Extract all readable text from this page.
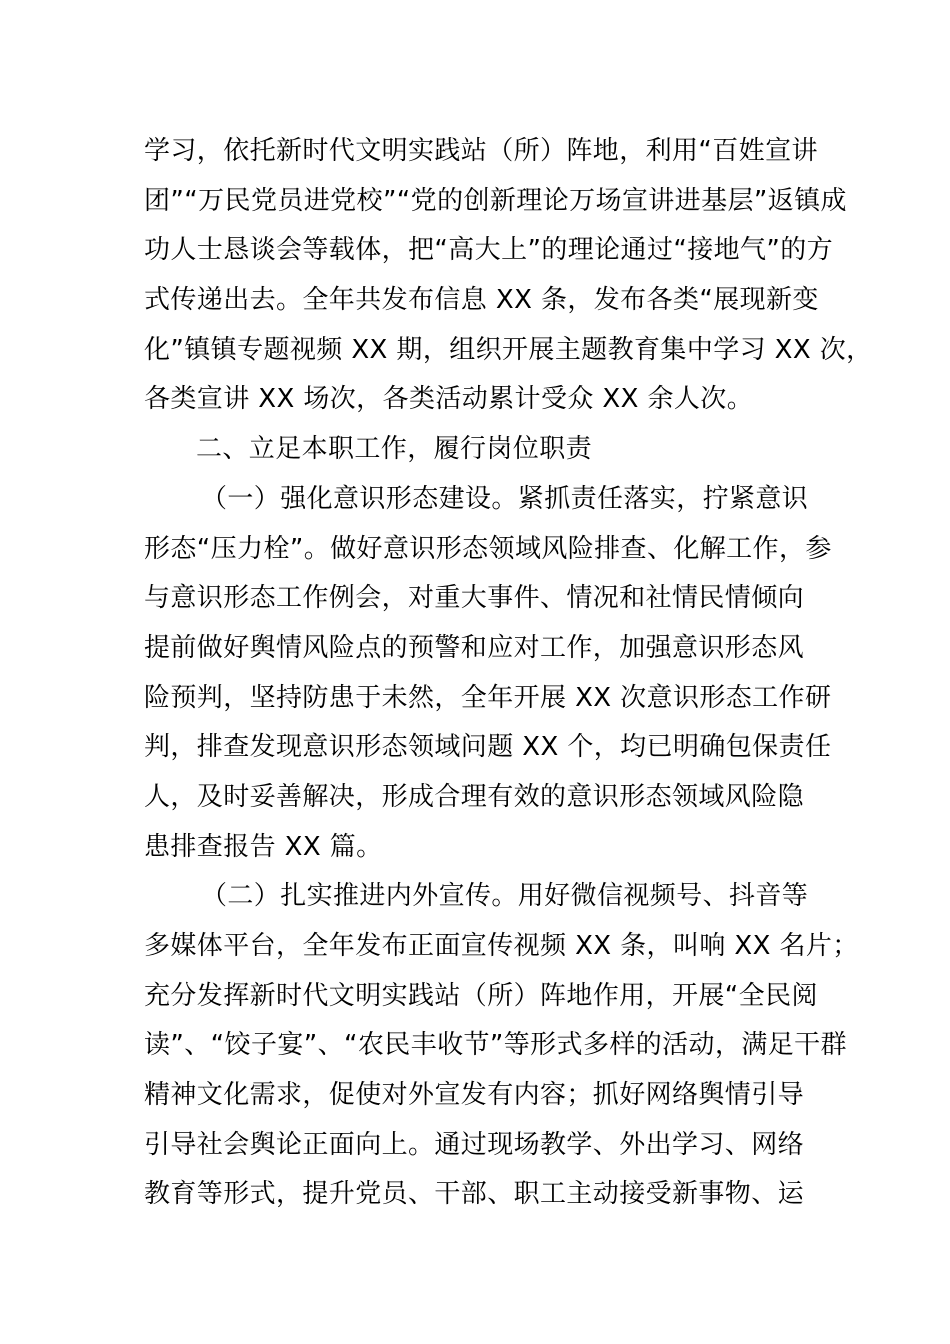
学习，依托新时代文明实践站（所）阵地，利用“百姓宣讲
团”“万民党员进党校”“党的创新理论万场宣讲进基层”返镇成
功人士恳谈会等载体，把“高大上”的理论通过“接地气”的方
式传递出去。全年共发布信息 XX 条，发布各类“展现新变
化”镇镇专题视频 XX 期，组织开展主题教育集中学习 XX 次，
各类宣讲 XX 场次，各类活动累计受众 XX 余人次。
二、立足本职工作，履行岗位职责
（一）强化意识形态建设。紧抓责任落实，拧紧意识
形态“压力栓”。做好意识形态领域风险排查、化解工作，参
与意识形态工作例会，对重大事件、情况和社情民情倾向
提前做好舆情风险点的预警和应对工作，加强意识形态风
险预判，坚持防患于未然，全年开展 XX 次意识形态工作研
判，排查发现意识形态领域问题 XX 个，均已明确包保责任
人，及时妥善解决，形成合理有效的意识形态领域风险隐
患排查报告 XX 篇。
（二）扎实推进内外宣传。用好微信视频号、抖音等
多媒体平台，全年发布正面宣传视频 XX 条，叫响 XX 名片；
充分发挥新时代文明实践站（所）阵地作用，开展“全民阅
读”、“饺子宴”、“农民丰收节”等形式多样的活动，满足干群
精神文化需求，促使对外宣发有内容；抓好网络舆情引导
引导社会舆论正面向上。通过现场教学、外出学习、网络
教育等形式，提升党员、干部、职工主动接受新事物、运
